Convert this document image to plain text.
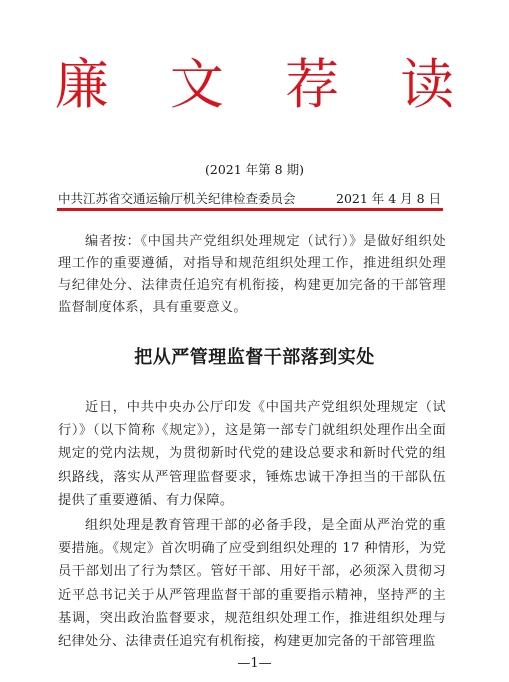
廉 文 荐 读
(2021 年第 8 期)
中共江苏省交通运输厅机关纪律检查委员会	2021 年 4 月 8 日
编者按：《中国共产党组织处理规定（试行）》是做好组织处理工作的重要遵循，对指导和规范组织处理工作，推进组织处理与纪律处分、法律责任追究有机衔接，构建更加完备的干部管理监督制度体系，具有重要意义。
把从严管理监督干部落到实处

近日，中共中央办公厅印发《中国共产党组织处理规定（试行）》（以下简称《规定》），这是第一部专门就组织处理作出全面规定的党内法规，为贯彻新时代党的建设总要求和新时代党的组织路线，落实从严管理监督要求，锤炼忠诚干净担当的干部队伍提供了重要遵循、有力保障。

组织处理是教育管理干部的必备手段，是全面从严治党的重要措施。《规定》首次明确了应受到组织处理的 17 种情形，为党员干部划出了行为禁区。管好干部、用好干部，必须深入贯彻习近平总书记关于从严管理监督干部的重要指示精神，坚持严的主基调，突出政治监督要求，规范组织处理工作，推进组织处理与纪律处分、法律责任追究有机衔接，构建更加完备的干部管理监

—1—
